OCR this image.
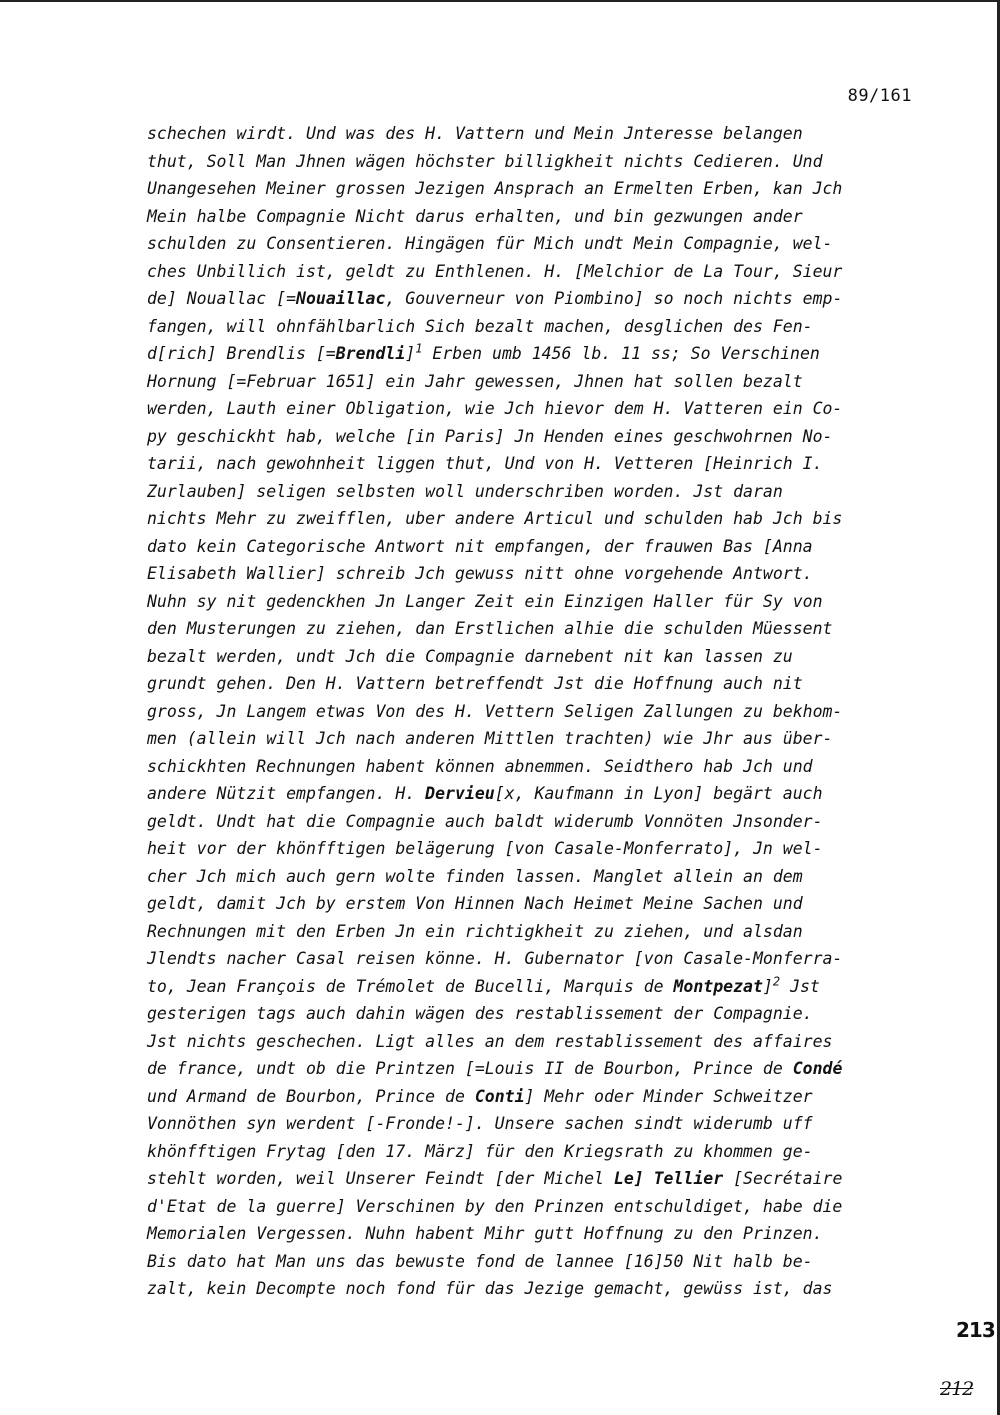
89/161
schechen wirdt. Und was des H. Vattern und Mein Jnteresse belangen
thut, Soll Man Jhnen wägen höchster billigkheit nichts Cedieren. Und
Unangesehen Meiner grossen Jezigen Ansprach an Ermelten Erben, kan Jch
Mein halbe Compagnie Nicht darus erhalten, und bin gezwungen ander
schulden zu Consentieren. Hingägen für Mich undt Mein Compagnie, wel-
ches Unbillich ist, geldt zu Enthlenen. H. [Melchior de La Tour, Sieur
de] Nouallac [=Nouaillac, Gouverneur von Piombino] so noch nichts emp-
fangen, will ohnfählbarlich Sich bezalt machen, desglichen des Fen-
d[rich] Brendlis [=Brendli]$^1$ Erben umb 1456 lb. 11 ss; So Verschinen
Hornung [=Februar 1651] ein Jahr gewessen, Jhnen hat sollen bezalt
werden, Lauth einer Obligation, wie Jch hievor dem H. Vatteren ein Co-
py geschickht hab, welche [in Paris] Jn Henden eines geschwohrnen No-
tarii, nach gewohnheit liggen thut, Und von H. Vetteren [Heinrich I.
Zurlauben] seligen selbsten woll underschriben worden. Jst daran
nichts Mehr zu zweifflen, uber andere Articul und schulden hab Jch bis
dato kein Categorische Antwort nit empfangen, der frauwen Bas [Anna
Elisabeth Wallier] schreib Jch gewuss nitt ohne vorgehende Antwort.
Nuhn sy nit gedenckhen Jn Langer Zeit ein Einzigen Haller für Sy von
den Musterungen zu ziehen, dan Erstlichen alhie die schulden Müessent
bezalt werden, undt Jch die Compagnie darnebent nit kan lassen zu
grundt gehen. Den H. Vattern betreffendt Jst die Hoffnung auch nit
gross, Jn Langem etwas Von des H. Vettern Seligen Zallungen zu bekhom-
men (allein will Jch nach anderen Mittlen trachten) wie Jhr aus über-
schickhten Rechnungen habent können abnemmen. Seidthero hab Jch und
andere Nützit empfangen. H. Dervieu[x, Kaufmann in Lyon] begärt auch
geldt. Undt hat die Compagnie auch baldt widerumb Vonnöten Jnsonder-
heit vor der khönfftigen belägerung [von Casale-Monferrato], Jn wel-
cher Jch mich auch gern wolte finden lassen. Manglet allein an dem
geldt, damit Jch by erstem Von Hinnen Nach Heimet Meine Sachen und
Rechnungen mit den Erben Jn ein richtigkheit zu ziehen, und alsdan
Jlendts nacher Casal reisen könne. H. Gubernator [von Casale-Monferra-
to, Jean François de Trémolet de Bucelli, Marquis de Montpezat]$^2$ Jst
gesterigen tags auch dahin wägen des restablissement der Compagnie.
Jst nichts geschechen. Ligt alles an dem restablissement des affaires
de france, undt ob die Printzen [=Louis II de Bourbon, Prince de Condé
und Armand de Bourbon, Prince de Conti] Mehr oder Minder Schweitzer
Vonnöthen syn werdent [-Fronde!-]. Unsere sachen sindt widerumb uff
khönfftigen Frytag [den 17. März] für den Kriegsrath zu khommen ge-
stehlt worden, weil Unserer Feindt [der Michel Le] Tellier [Secrétaire
d'Etat de la guerre] Verschinen by den Prinzen entschuldiget, habe die
Memorialen Vergessen. Nuhn habent Mihr gutt Hoffnung zu den Prinzen.
Bis dato hat Man uns das bewuste fond de lannee [16]50 Nit halb be-
zalt, kein Decompte noch fond für das Jezige gemacht, gewüss ist, das
213
212
